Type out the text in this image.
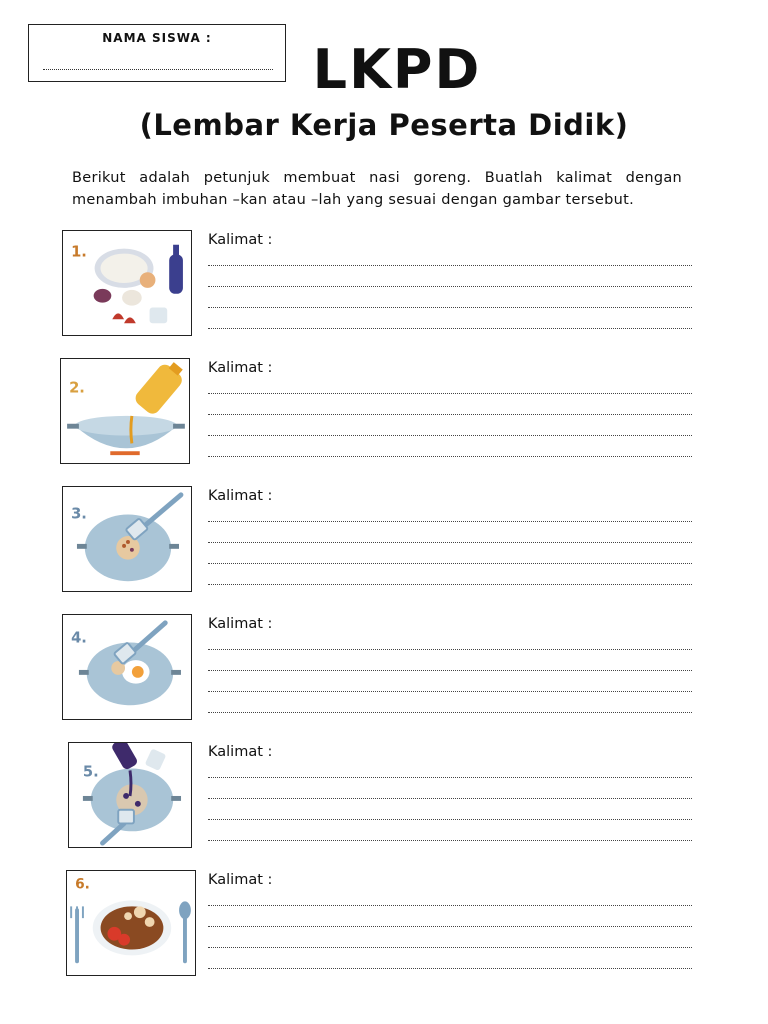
NAMA SISWA :	LKPD
(Lembar Kerja Peserta Didik)
Berikut adalah petunjuk membuat nasi goreng. Buatlah kalimat dengan menambah imbuhan –kan atau –lah yang sesuai dengan gambar tersebut.
1.
Kalimat :
2.
Kalimat :
3.
Kalimat :
4.
Kalimat :
5.
Kalimat :
6.	Kalimat :
